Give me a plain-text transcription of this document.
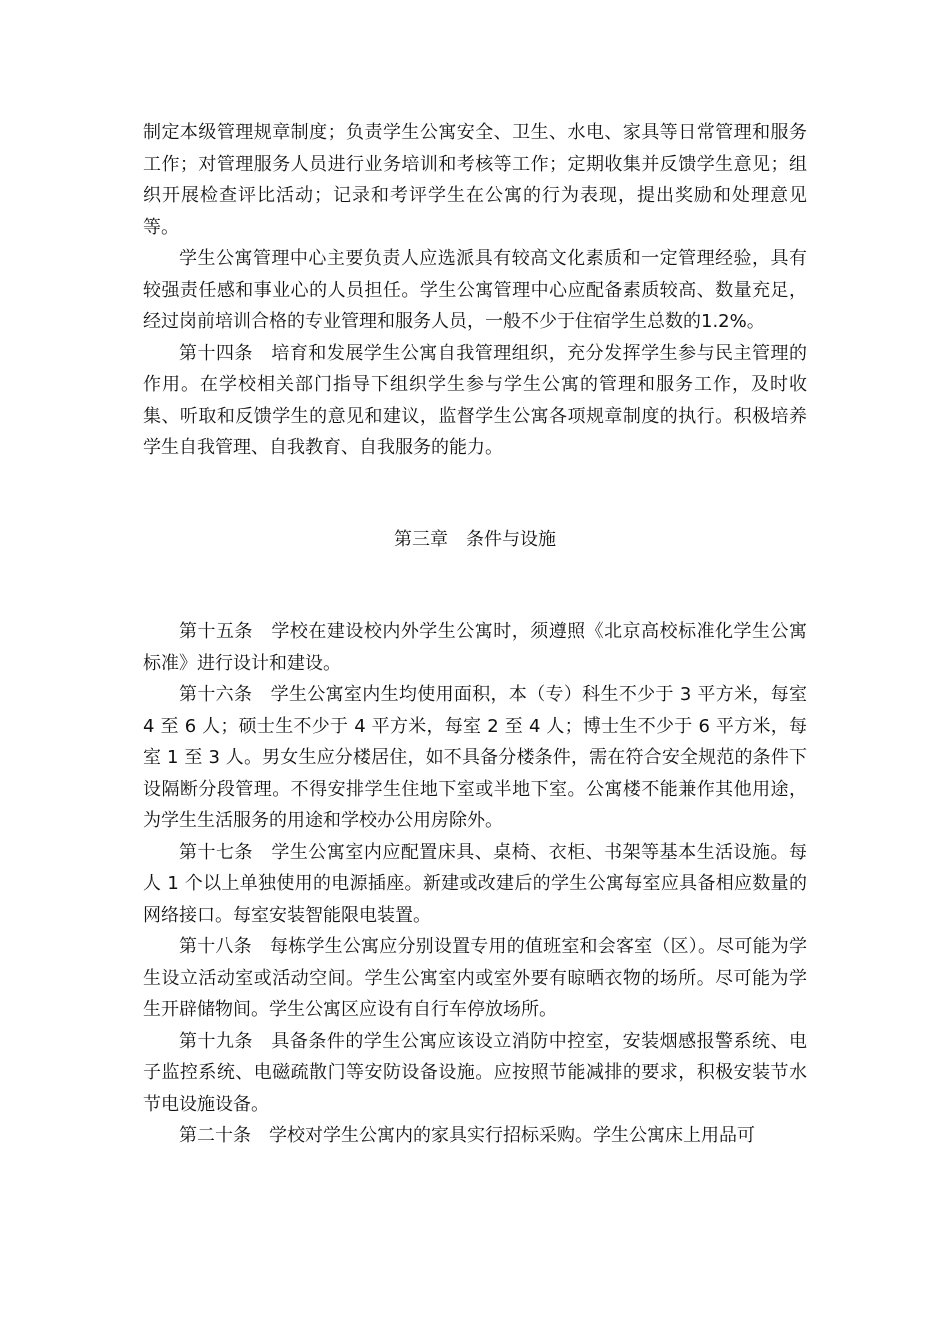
制定本级管理规章制度；负责学生公寓安全、卫生、水电、家具等日常管理和服务工作；对管理服务人员进行业务培训和考核等工作；定期收集并反馈学生意见；组织开展检查评比活动；记录和考评学生在公寓的行为表现，提出奖励和处理意见等。

学生公寓管理中心主要负责人应选派具有较高文化素质和一定管理经验，具有较强责任感和事业心的人员担任。学生公寓管理中心应配备素质较高、数量充足，经过岗前培训合格的专业管理和服务人员，一般不少于住宿学生总数的1.2%。

第十四条　培育和发展学生公寓自我管理组织，充分发挥学生参与民主管理的作用。在学校相关部门指导下组织学生参与学生公寓的管理和服务工作，及时收集、听取和反馈学生的意见和建议，监督学生公寓各项规章制度的执行。积极培养学生自我管理、自我教育、自我服务的能力。

第三章　条件与设施

第十五条　学校在建设校内外学生公寓时，须遵照《北京高校标准化学生公寓标准》进行设计和建设。

第十六条　学生公寓室内生均使用面积，本（专）科生不少于 3 平方米，每室 4 至 6 人；硕士生不少于 4 平方米，每室 2 至 4 人；博士生不少于 6 平方米，每室 1 至 3 人。男女生应分楼居住，如不具备分楼条件，需在符合安全规范的条件下设隔断分段管理。不得安排学生住地下室或半地下室。公寓楼不能兼作其他用途，为学生生活服务的用途和学校办公用房除外。

第十七条　学生公寓室内应配置床具、桌椅、衣柜、书架等基本生活设施。每人 1 个以上单独使用的电源插座。新建或改建后的学生公寓每室应具备相应数量的网络接口。每室安装智能限电装置。

第十八条　每栋学生公寓应分别设置专用的值班室和会客室（区）。尽可能为学生设立活动室或活动空间。学生公寓室内或室外要有晾晒衣物的场所。尽可能为学生开辟储物间。学生公寓区应设有自行车停放场所。

第十九条　具备条件的学生公寓应该设立消防中控室，安装烟感报警系统、电子监控系统、电磁疏散门等安防设备设施。应按照节能减排的要求，积极安装节水节电设施设备。

第二十条　学校对学生公寓内的家具实行招标采购。学生公寓床上用品可
